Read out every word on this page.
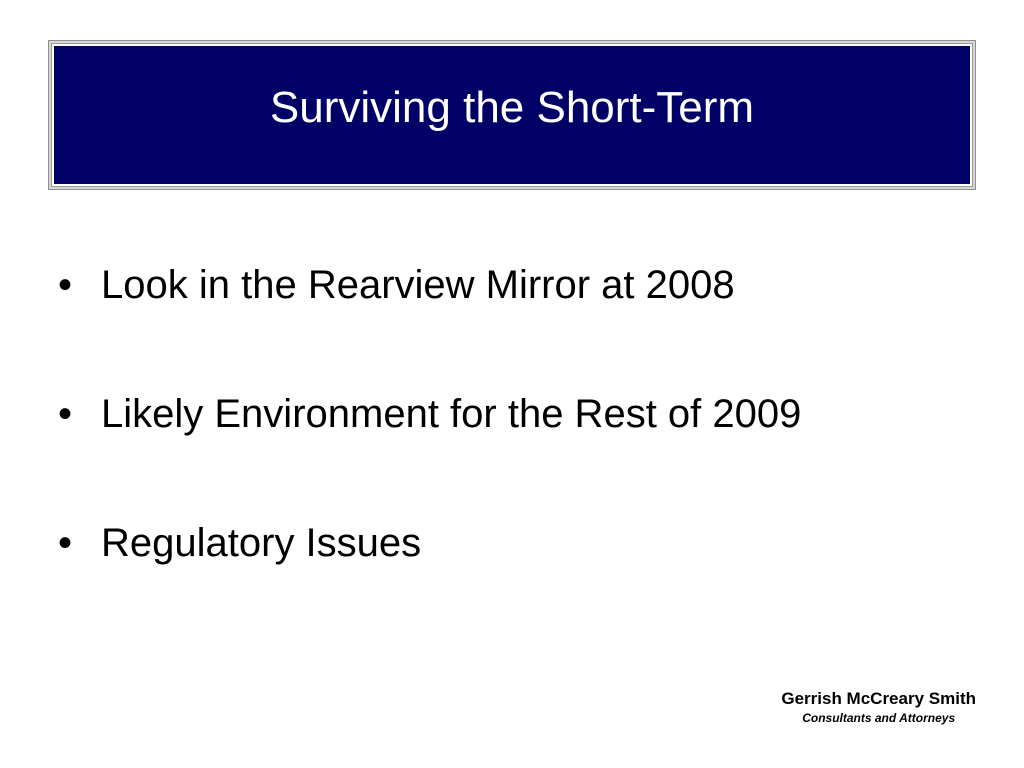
Surviving the Short-Term
• Look in the Rearview Mirror at 2008
• Likely Environment for the Rest of 2009
• Regulatory Issues
Gerrish McCreary Smith
Consultants and Attorneys
